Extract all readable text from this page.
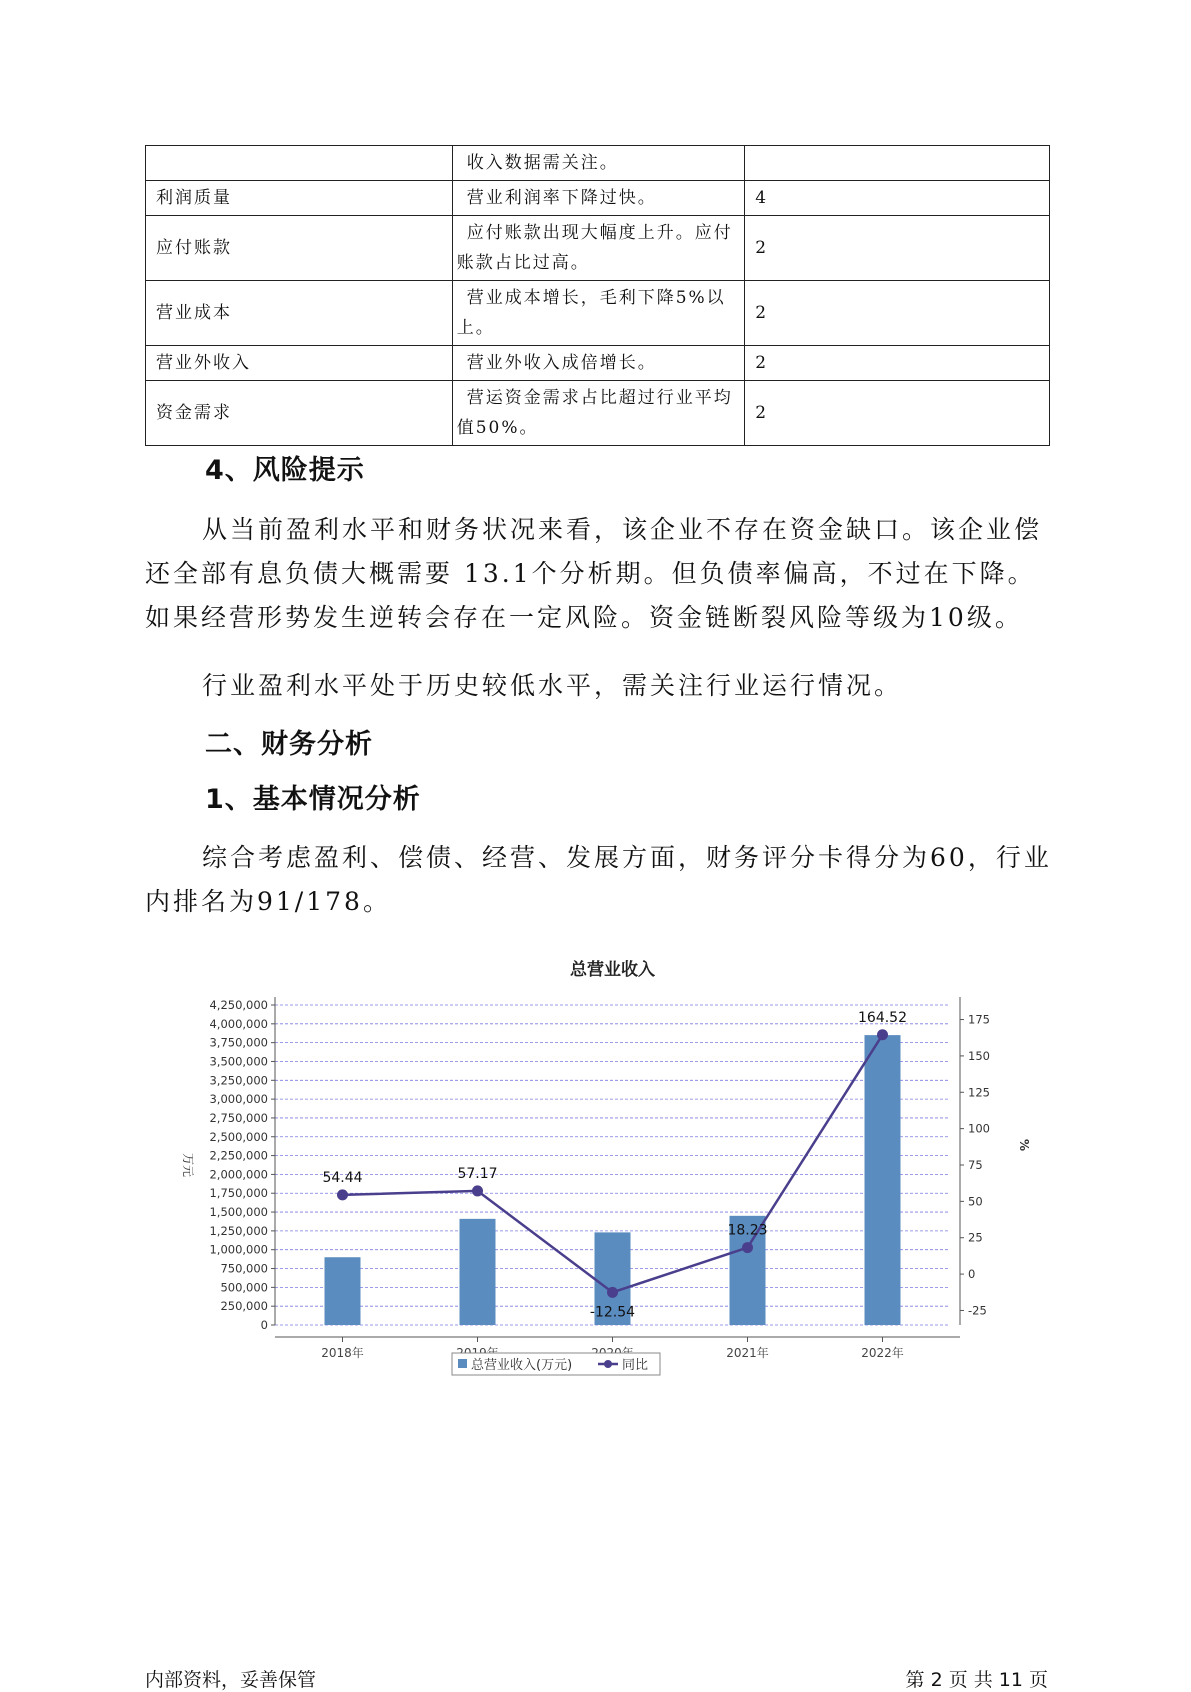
	收入数据需关注。	
利润质量	营业利润率下降过快。	4
应付账款	应付账款出现大幅度上升。应付账款占比过高。	2
营业成本	营业成本增长，毛利下降5%以上。	2
营业外收入	营业外收入成倍增长。	2
资金需求	营运资金需求占比超过行业平均值50%。	2
4、风险提示

从当前盈利水平和财务状况来看，该企业不存在资金缺口。该企业偿还全部有息负债大概需要 13.1个分析期。但负债率偏高，不过在下降。如果经营形势发生逆转会存在一定风险。资金链断裂风险等级为10级。

行业盈利水平处于历史较低水平，需关注行业运行情况。

二、财务分析
1、基本情况分析

综合考虑盈利、偿债、经营、发展方面，财务评分卡得分为60，行业内排名为91/178。

总营业收入
0
250,000
500,000
750,000
1,000,000
1,250,000
1,500,000
1,750,000
2,000,000
2,250,000
2,500,000
2,750,000
3,000,000
3,250,000
3,500,000
3,750,000
4,000,000
4,250,000
-25
0
25
50
75
100
125
150
175
万元
%
2018年	2021年	2022年
54.44	57.17
-12.54
18.23
164.52
总营业收入(万元)	同比
内部资料，妥善保管	第 2 页 共 11 页
